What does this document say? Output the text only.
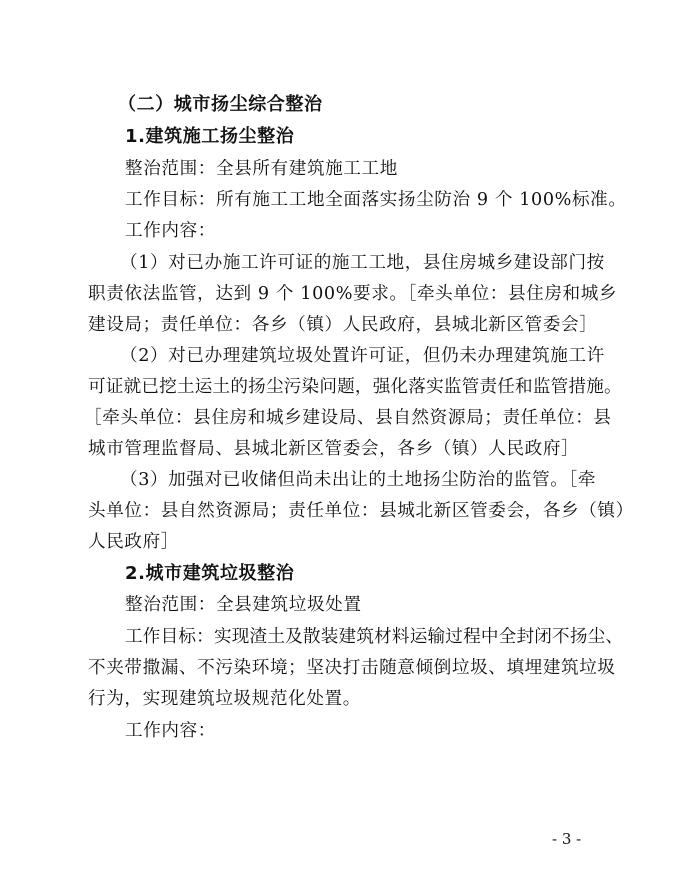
（二）城市扬尘综合整治
1.建筑施工扬尘整治
整治范围：全县所有建筑施工工地
工作目标：所有施工工地全面落实扬尘防治 9 个 100%标准。
工作内容：
（1）对已办施工许可证的施工工地，县住房城乡建设部门按
职责依法监管，达到 9 个 100%要求。［牵头单位：县住房和城乡
建设局；责任单位：各乡（镇）人民政府，县城北新区管委会］
（2）对已办理建筑垃圾处置许可证，但仍未办理建筑施工许
可证就已挖土运土的扬尘污染问题，强化落实监管责任和监管措施。
［牵头单位：县住房和城乡建设局、县自然资源局；责任单位：县
城市管理监督局、县城北新区管委会，各乡（镇）人民政府］
（3）加强对已收储但尚未出让的土地扬尘防治的监管。［牵
头单位：县自然资源局；责任单位：县城北新区管委会，各乡（镇）
人民政府］
2.城市建筑垃圾整治
整治范围：全县建筑垃圾处置
工作目标：实现渣土及散装建筑材料运输过程中全封闭不扬尘、
不夹带撒漏、不污染环境；坚决打击随意倾倒垃圾、填埋建筑垃圾
行为，实现建筑垃圾规范化处置。
工作内容：
- 3 -
